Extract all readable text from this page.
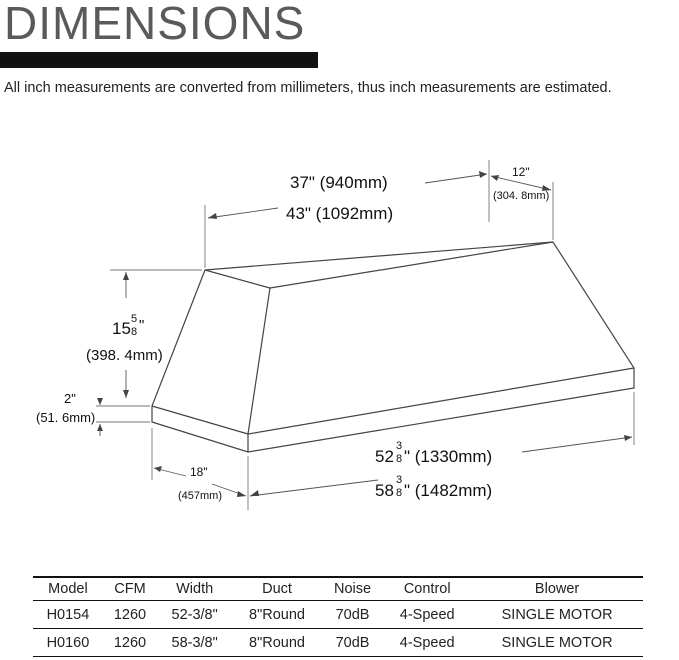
DIMENSIONS
All inch measurements are converted from millimeters, thus inch measurements are estimated.
37" (940mm)
43" (1092mm)
12"
(304. 8mm)
15 5
8 "
(398. 4mm)
2"
(51. 6mm)
18"
(457mm)
52
3
8 " (1330mm)
58
3
8 " (1482mm)
Model	CFM	Width	Duct	Noise	Control	Blower
H0154	1260	52-3/8"	8"Round	70dB	4-Speed	SINGLE MOTOR
H0160	1260	58-3/8"	8"Round	70dB	4-Speed	SINGLE MOTOR
